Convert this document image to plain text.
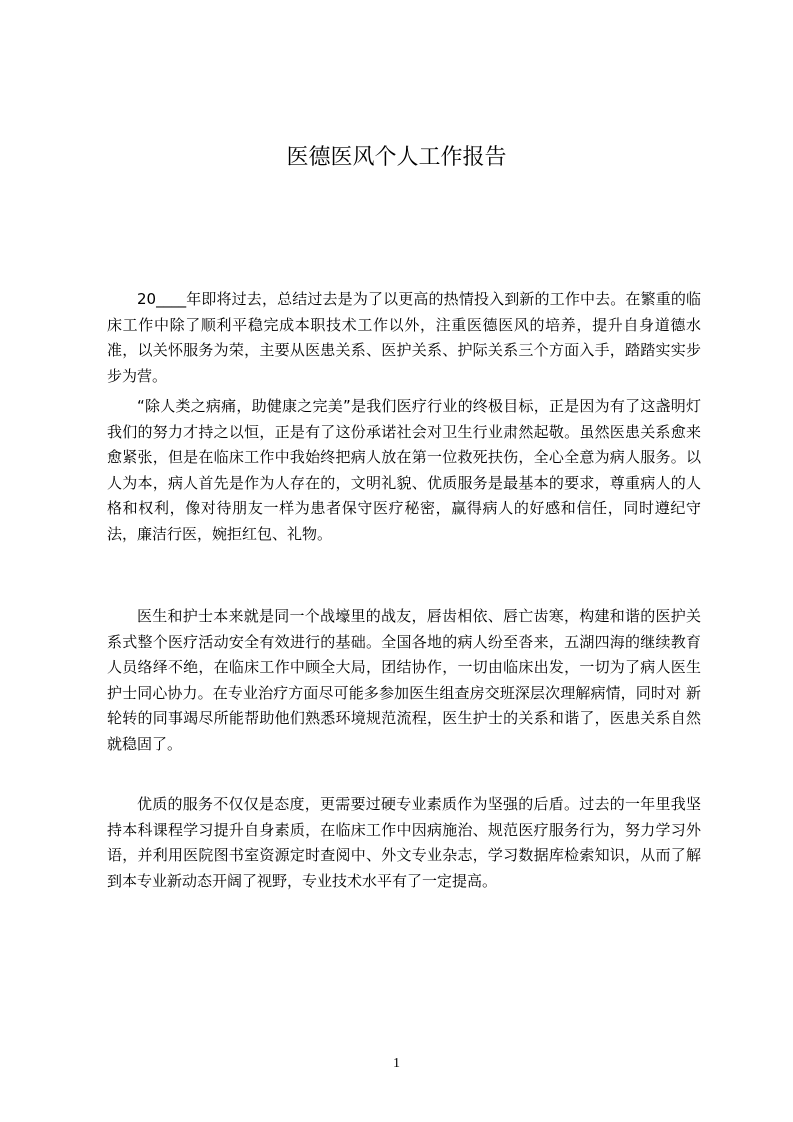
医德医风个人工作报告

20____年即将过去，总结过去是为了以更高的热情投入到新的工作中去。在繁重的临床工作中除了顺利平稳完成本职技术工作以外，注重医德医风的培养，提升自身道德水准，以关怀服务为荣，主要从医患关系、医护关系、护际关系三个方面入手，踏踏实实步步为营。

“除人类之病痛，助健康之完美”是我们医疗行业的终极目标，正是因为有了这盏明灯我们的努力才持之以恒，正是有了这份承诺社会对卫生行业肃然起敬。虽然医患关系愈来愈紧张，但是在临床工作中我始终把病人放在第一位救死扶伤，全心全意为病人服务。以人为本，病人首先是作为人存在的，文明礼貌、优质服务是最基本的要求，尊重病人的人格和权利，像对待朋友一样为患者保守医疗秘密，赢得病人的好感和信任，同时遵纪守法，廉洁行医，婉拒红包、礼物。

医生和护士本来就是同一个战壕里的战友，唇齿相依、唇亡齿寒，构建和谐的医护关系式整个医疗活动安全有效进行的基础。全国各地的病人纷至沓来，五湖四海的继续教育人员络绎不绝，在临床工作中顾全大局，团结协作，一切由临床出发，一切为了病人医生护士同心协力。在专业治疗方面尽可能多参加医生组查房交班深层次理解病情，同时对 新轮转的同事竭尽所能帮助他们熟悉环境规范流程，医生护士的关系和谐了，医患关系自然就稳固了。

优质的服务不仅仅是态度，更需要过硬专业素质作为坚强的后盾。过去的一年里我坚持本科课程学习提升自身素质，在临床工作中因病施治、规范医疗服务行为，努力学习外语，并利用医院图书室资源定时查阅中、外文专业杂志，学习数据库检索知识，从而了解到本专业新动态开阔了视野，专业技术水平有了一定提高。

1
